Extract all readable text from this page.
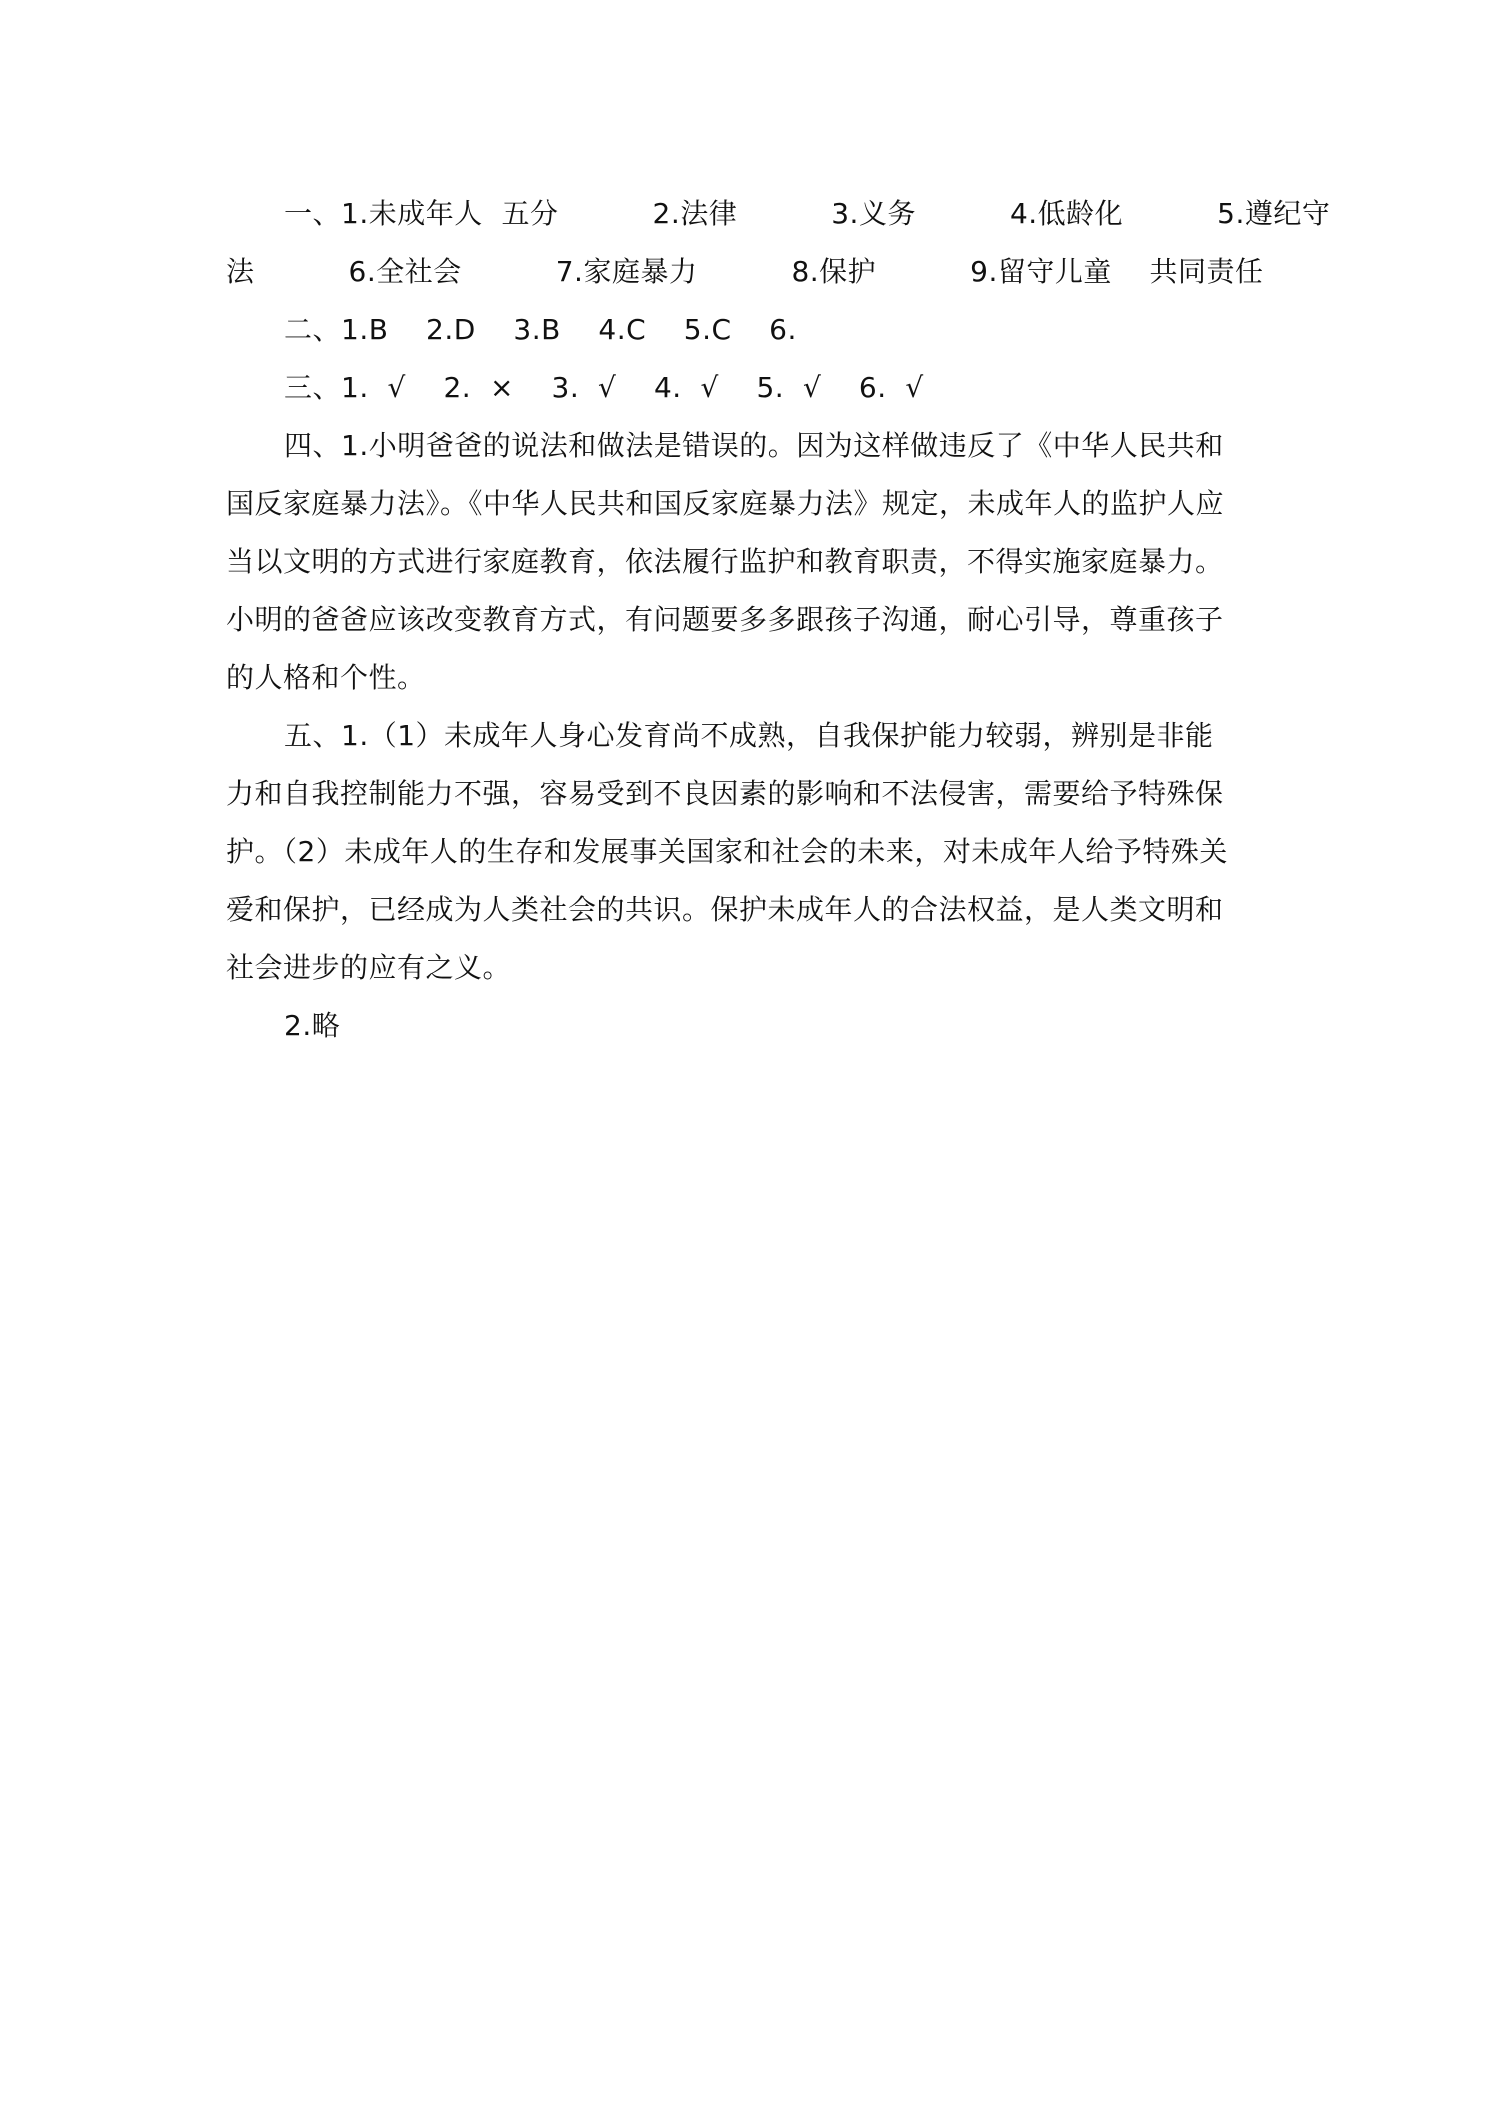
一、1.未成年人  五分          2.法律          3.义务          4.低龄化          5.遵纪守
法          6.全社会          7.家庭暴力          8.保护          9.留守儿童    共同责任
二、1.B    2.D    3.B    4.C    5.C    6.
三、1.  √    2.  ×    3.  √    4.  √    5.  √    6.  √
四、1.小明爸爸的说法和做法是错误的。因为这样做违反了《中华人民共和
国反家庭暴力法》。《中华人民共和国反家庭暴力法》规定，未成年人的监护人应
当以文明的方式进行家庭教育，依法履行监护和教育职责，不得实施家庭暴力。
小明的爸爸应该改变教育方式，有问题要多多跟孩子沟通，耐心引导，尊重孩子
的人格和个性。
五、1.（1）未成年人身心发育尚不成熟，自我保护能力较弱，辨别是非能
力和自我控制能力不强，容易受到不良因素的影响和不法侵害，需要给予特殊保
护。（2）未成年人的生存和发展事关国家和社会的未来，对未成年人给予特殊关
爱和保护，已经成为人类社会的共识。保护未成年人的合法权益，是人类文明和
社会进步的应有之义。
2.略
